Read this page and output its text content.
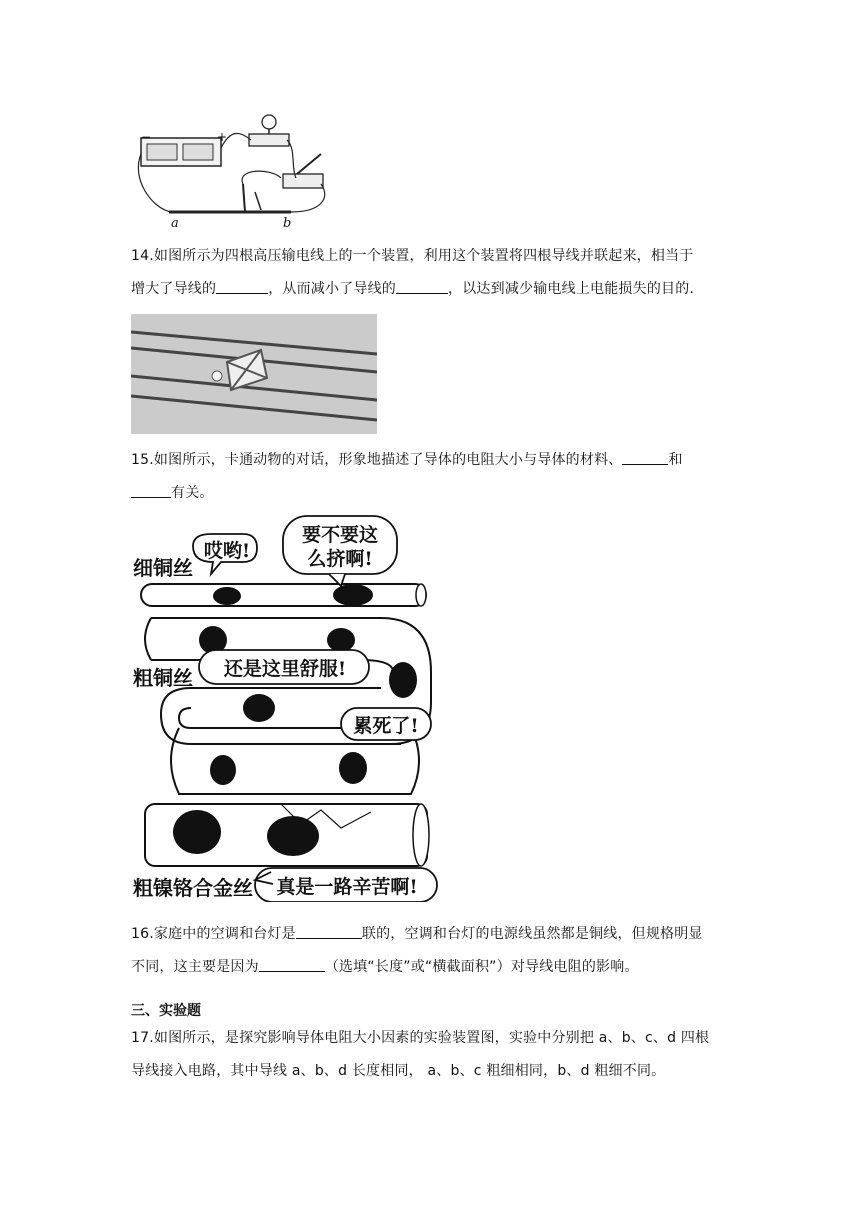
−	+
a	b
14.如图所示为四根高压输电线上的一个装置，利用这个装置将四根导线并联起来，相当于
增大了导线的	，从而减小了导线的	，以达到减少输电线上电能损失的目的.
15.如图所示，卡通动物的对话，形象地描述了导体的电阻大小与导体的材料、	和
有关。
细铜丝
粗铜丝
粗镍铬合金丝
哎哟!
要不要这
么挤啊!
还是这里舒服!
累死了!
真是一路辛苦啊!
16.家庭中的空调和台灯是	联的，空调和台灯的电源线虽然都是铜线，但规格明显
不同，这主要是因为	（选填“长度”或“横截面积”）对导线电阻的影响。
三、实验题
17.如图所示，是探究影响导体电阻大小因素的实验装置图，实验中分别把 a、b、c、d 四根
导线接入电路，其中导线 a、b、d 长度相同， a、b、c 粗细相同，b、d 粗细不同。
